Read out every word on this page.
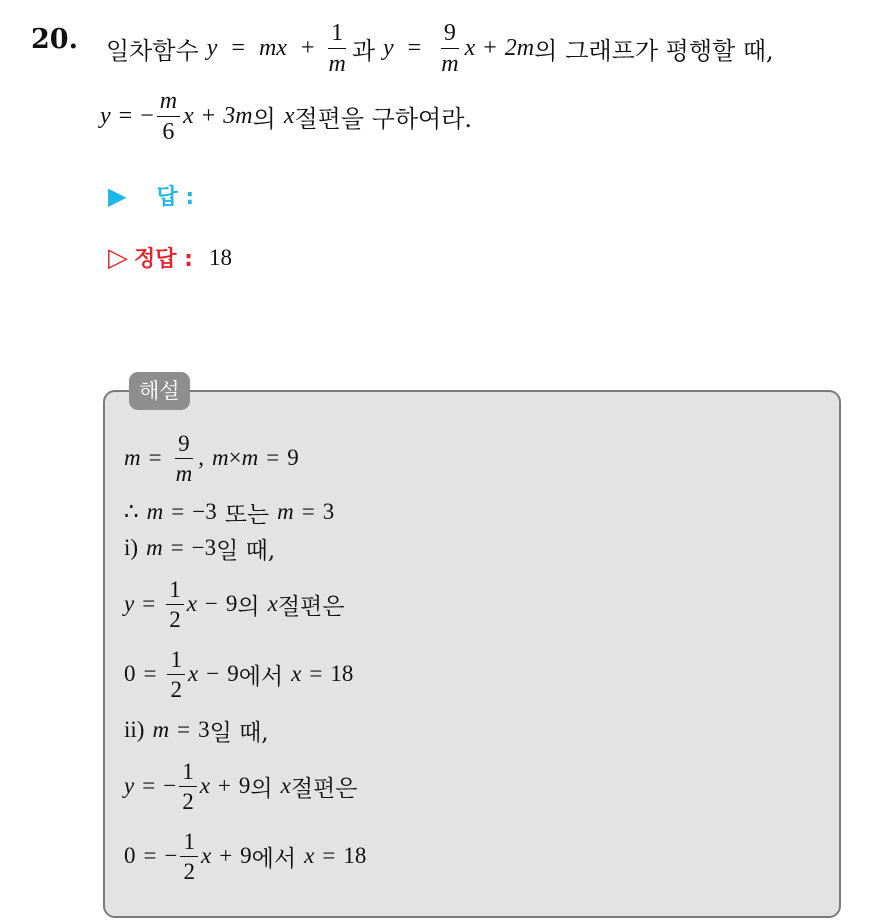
20. 일차함수 y = mx + $\frac{1}{m}$ 과 $y = \frac{9}{m}$ x + 2m 의 그래프가 평행할 때,
y = − $\frac{m}{6}$ x + 3m 의 x 절편을 구하여라.
▶ 답 :
▷ 정답 : 18
해설
$m = \frac{9}{m}$ , m × m = 9
∴ m = −3 또는 m = 3
i) m = −3 일 때,
$y = \frac{1}{2}$ x − 9 의 x 절편은
$0 = \frac{1}{2}$ x − 9 에서 x = 18
ii) m = 3 일 때,
y = − $\frac{1}{2}$ x + 9 의 x 절편은
0 = − $\frac{1}{2}$ x + 9 에서 x = 18
